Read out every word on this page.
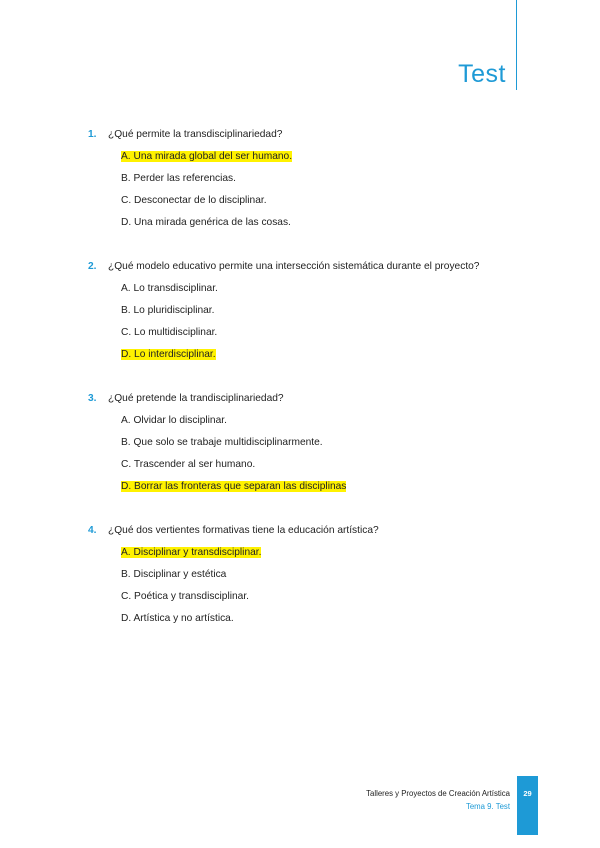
Test
1. ¿Qué permite la transdisciplinariedad?
A. Una mirada global del ser humano.
B. Perder las referencias.
C. Desconectar de lo disciplinar.
D. Una mirada genérica de las cosas.
2. ¿Qué modelo educativo permite una intersección sistemática durante el proyecto?
A. Lo transdisciplinar.
B. Lo pluridisciplinar.
C. Lo multidisciplinar.
D. Lo interdisciplinar.
3. ¿Qué pretende la trandisciplinariedad?
A. Olvidar lo disciplinar.
B. Que solo se trabaje multidisciplinarmente.
C. Trascender al ser humano.
D. Borrar las fronteras que separan las disciplinas
4. ¿Qué dos vertientes formativas tiene la educación artística?
A. Disciplinar y transdisciplinar.
B. Disciplinar y estética
C. Poética y transdisciplinar.
D. Artística y no artística.
Talleres y Proyectos de Creación Artística
Tema 9. Test
29
